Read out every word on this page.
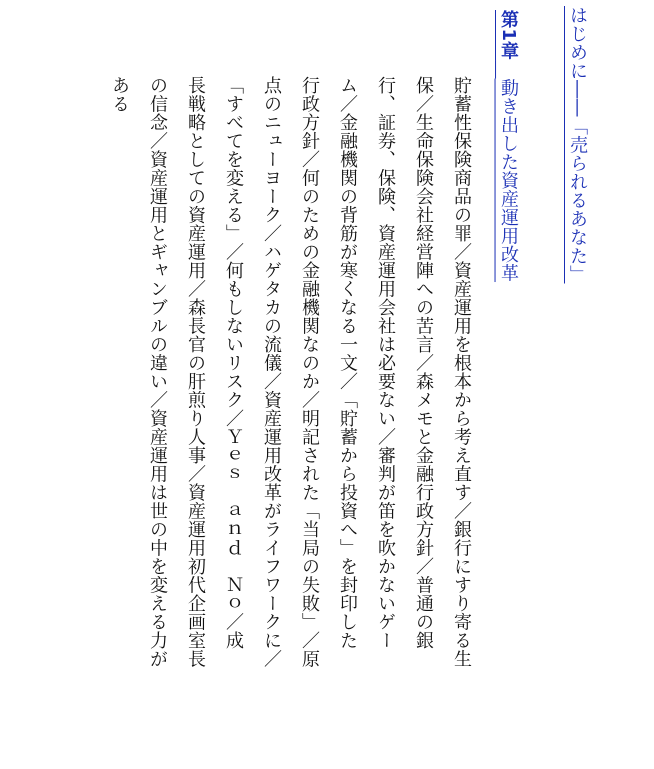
はじめに――「売られるあなた」
第1章　動き出した資産運用改革
貯蓄性保険商品の罪／資産運用を根本から考え直す／銀行にすり寄る生
保／生命保険会社経営陣への苦言／森メモと金融行政方針／普通の銀
行、証券、保険、資産運用会社は必要ない／審判が笛を吹かないゲー
ム／金融機関の背筋が寒くなる一文／「貯蓄から投資へ」を封印した
行政方針／何のための金融機関なのか／明記された「当局の失敗」／原
点のニューヨーク／ハゲタカの流儀／資産運用改革がライフワークに／
「すべてを変える」／何もしないリスク／Ｙｅｓ　ａｎｄ　Ｎｏ／成
長戦略としての資産運用／森長官の肝煎り人事／資産運用初代企画室長
の信念／資産運用とギャンブルの違い／資産運用は世の中を変える力が
ある
